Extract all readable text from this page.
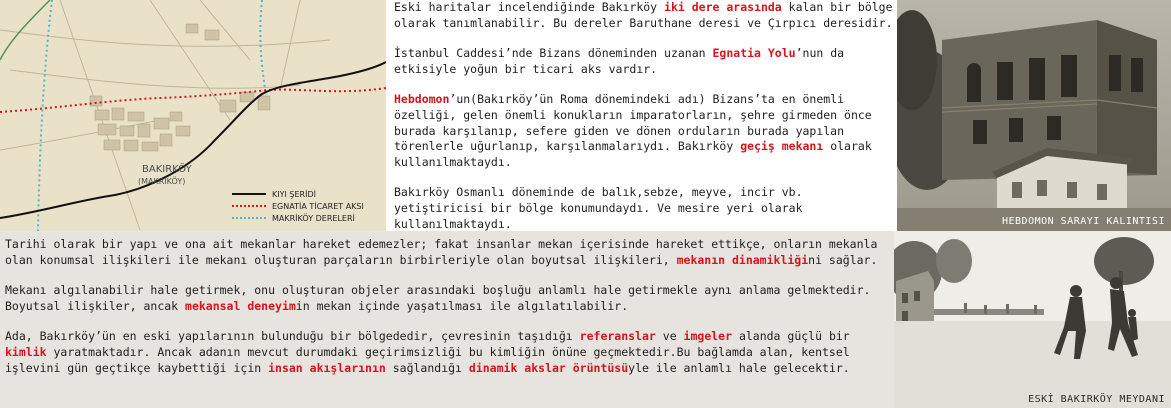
BAKIRKÖY
(MAKRİKÖY)
KIYI ŞERİDİ
EGNATİA TİCARET AKSI
MAKRİKÖY DERELERİ

Eski haritalar incelendiğinde Bakırköy iki dere arasında kalan bir bölge olarak tanımlanabilir. Bu dereler Baruthane deresi ve Çırpıcı deresidir.

İstanbul Caddesi’nde Bizans döneminden uzanan Egnatia Yolu’nun da etkisiyle yoğun bir ticari aks vardır.

Hebdomon’un(Bakırköy’ün Roma dönemindeki adı) Bizans’ta en önemli özelliği, gelen önemli konukların imparatorların, şehre girmeden önce burada karşılanıp, sefere giden ve dönen orduların burada yapılan törenlerle uğurlanıp, karşılanmalarıydı. Bakırköy geçiş mekanı olarak kullanılmaktaydı.

Bakırköy Osmanlı döneminde de balık,sebze, meyve, incir vb. yetiştiricisi bir bölge konumundaydı. Ve mesire yeri olarak kullanılmaktaydı.	HEBDOMON SARAYI KALINTISI

Tarihi olarak bir yapı ve ona ait mekanlar hareket edemezler; fakat insanlar mekan içerisinde hareket ettikçe, onların mekanla olan konumsal ilişkileri ile mekanı oluşturan parçaların birbirleriyle olan boyutsal ilişkileri, mekanın dinamikliğini sağlar.

Mekanı algılanabilir hale getirmek, onu oluşturan objeler arasındaki boşluğu anlamlı hale getirmekle aynı anlama gelmektedir. Boyutsal ilişkiler, ancak mekansal deneyimin mekan içinde yaşatılması ile algılatılabilir.

Ada, Bakırköy’ün en eski yapılarının bulunduğu bir bölgededir, çevresinin taşıdığı referanslar ve imgeler alanda güçlü bir kimlik yaratmaktadır. Ancak adanın mevcut durumdaki geçirimsizliği bu kimliğin önüne geçmektedir.Bu bağlamda alan, kentsel işlevini gün geçtikçe kaybettiği için insan akışlarının sağlandığı dinamik akslar örüntüsüyle ile anlamlı hale gelecektir.

ESKİ BAKIRKÖY MEYDANI
